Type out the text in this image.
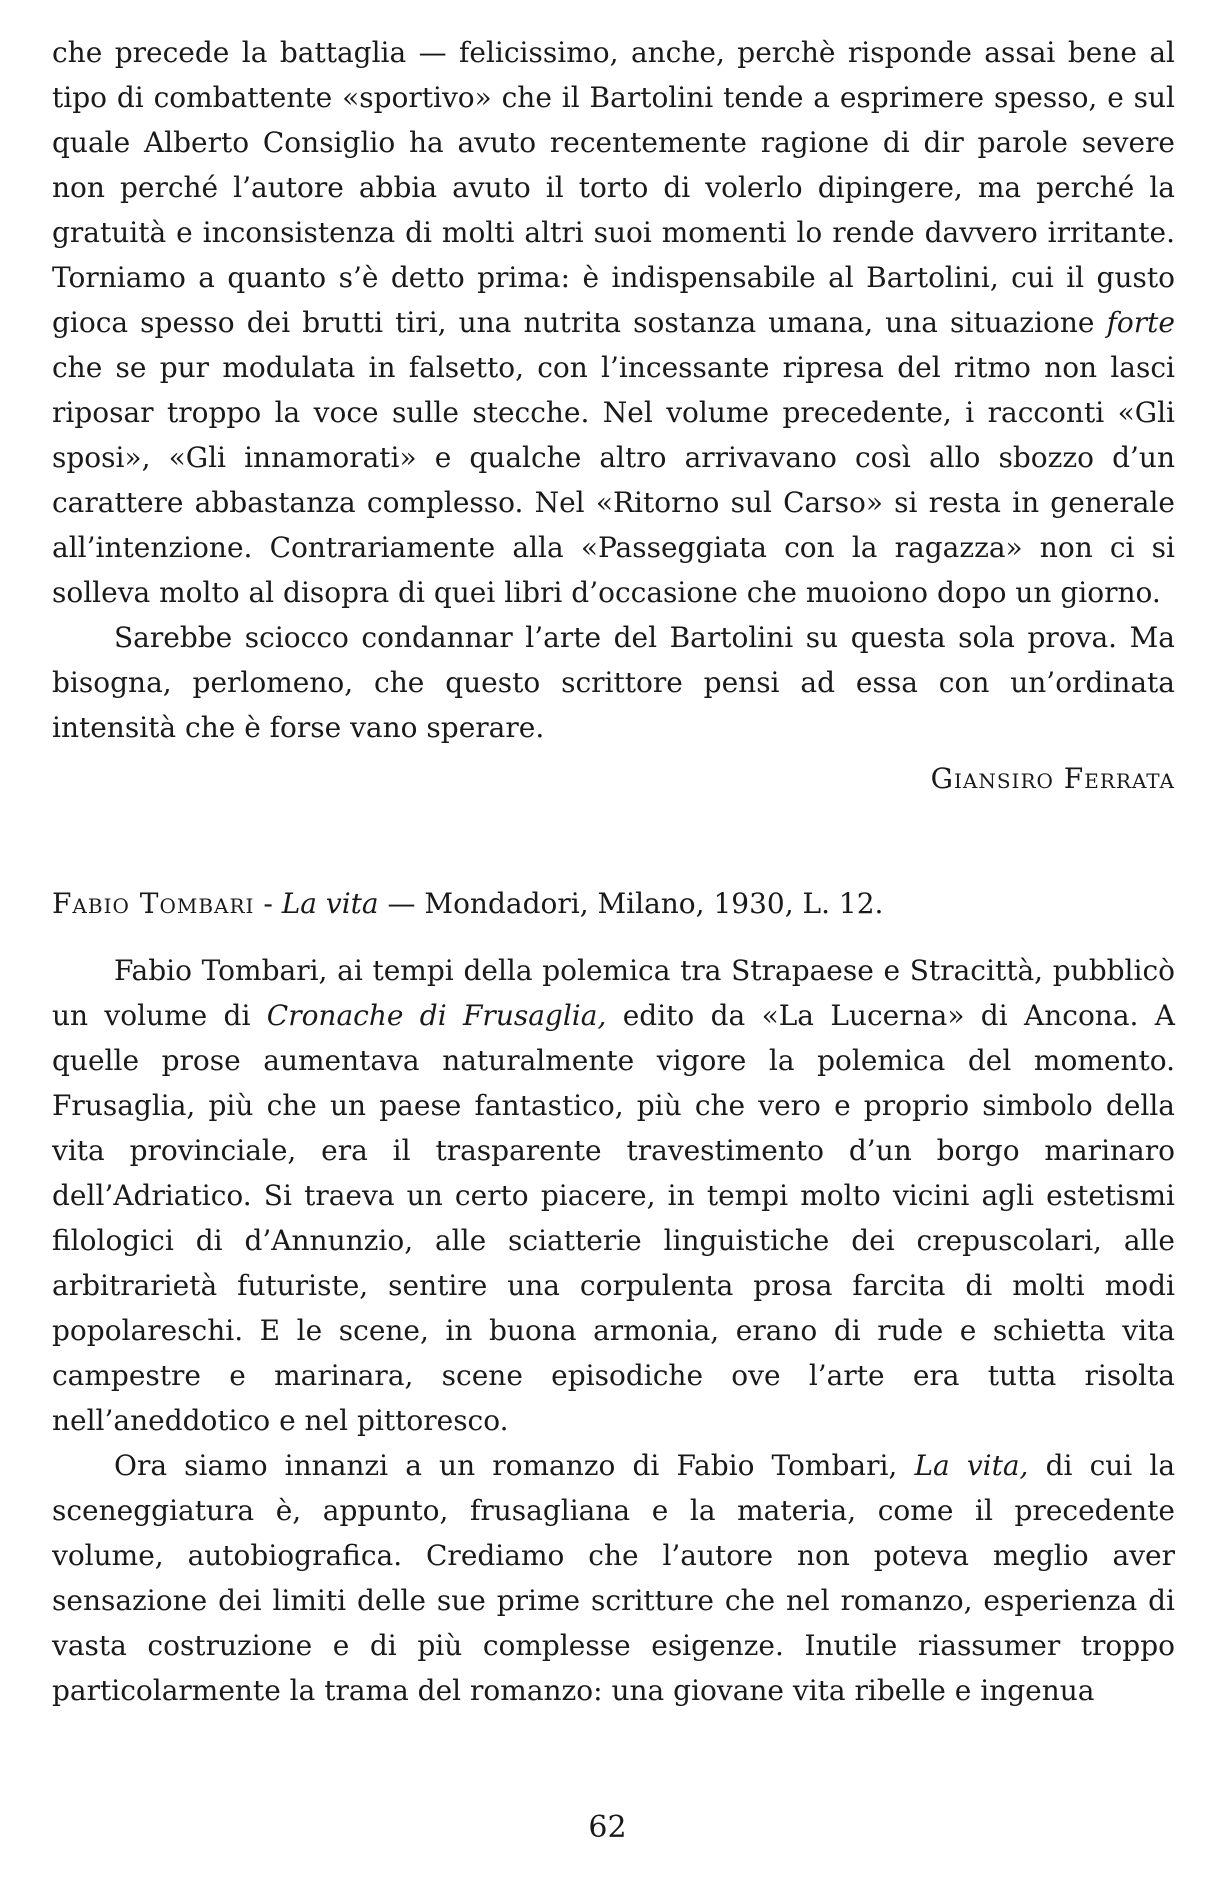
che precede la battaglia — felicissimo, anche, perchè risponde assai bene al tipo di combattente «sportivo» che il Bartolini tende a esprimere spesso, e sul quale Alberto Consiglio ha avuto recentemente ragione di dir parole severe non perché l’autore abbia avuto il torto di volerlo dipingere, ma perché la gratuità e inconsistenza di molti altri suoi momenti lo rende davvero irritante. Torniamo a quanto s’è detto prima: è indispensabile al Bartolini, cui il gusto gioca spesso dei brutti tiri, una nutrita sostanza umana, una situazione forte che se pur modulata in falsetto, con l’incessante ripresa del ritmo non lasci riposar troppo la voce sulle stecche. Nel volume precedente, i racconti «Gli sposi», «Gli innamorati» e qualche altro arrivavano così allo sbozzo d’un carattere abbastanza complesso. Nel «Ritorno sul Carso» si resta in generale all’intenzione. Contrariamente alla «Passeggiata con la ragazza» non ci si solleva molto al disopra di quei libri d’occasione che muoiono dopo un giorno.

Sarebbe sciocco condannar l’arte del Bartolini su questa sola prova. Ma bisogna, perlomeno, che questo scrittore pensi ad essa con un’ordinata intensità che è forse vano sperare.

Giansiro Ferrata

Fabio Tombari - La vita — Mondadori, Milano, 1930, L. 12.

Fabio Tombari, ai tempi della polemica tra Strapaese e Stracittà, pubblicò un volume di Cronache di Frusaglia, edito da «La Lucerna» di Ancona. A quelle prose aumentava naturalmente vigore la polemica del momento. Frusaglia, più che un paese fantastico, più che vero e proprio simbolo della vita provinciale, era il trasparente travestimento d’un borgo marinaro dell’Adriatico. Si traeva un certo piacere, in tempi molto vicini agli estetismi filologici di d’Annunzio, alle sciatterie linguistiche dei crepuscolari, alle arbitrarietà futuriste, sentire una corpulenta prosa farcita di molti modi popolareschi. E le scene, in buona armonia, erano di rude e schietta vita campestre e marinara, scene episodiche ove l’arte era tutta risolta nell’aneddotico e nel pittoresco.

Ora siamo innanzi a un romanzo di Fabio Tombari, La vita, di cui la sceneggiatura è, appunto, frusagliana e la materia, come il precedente volume, autobiografica. Crediamo che l’autore non poteva meglio aver sensazione dei limiti delle sue prime scritture che nel romanzo, esperienza di vasta costruzione e di più complesse esigenze. Inutile riassumer troppo particolarmente la trama del romanzo: una giovane vita ribelle e ingenua

62
